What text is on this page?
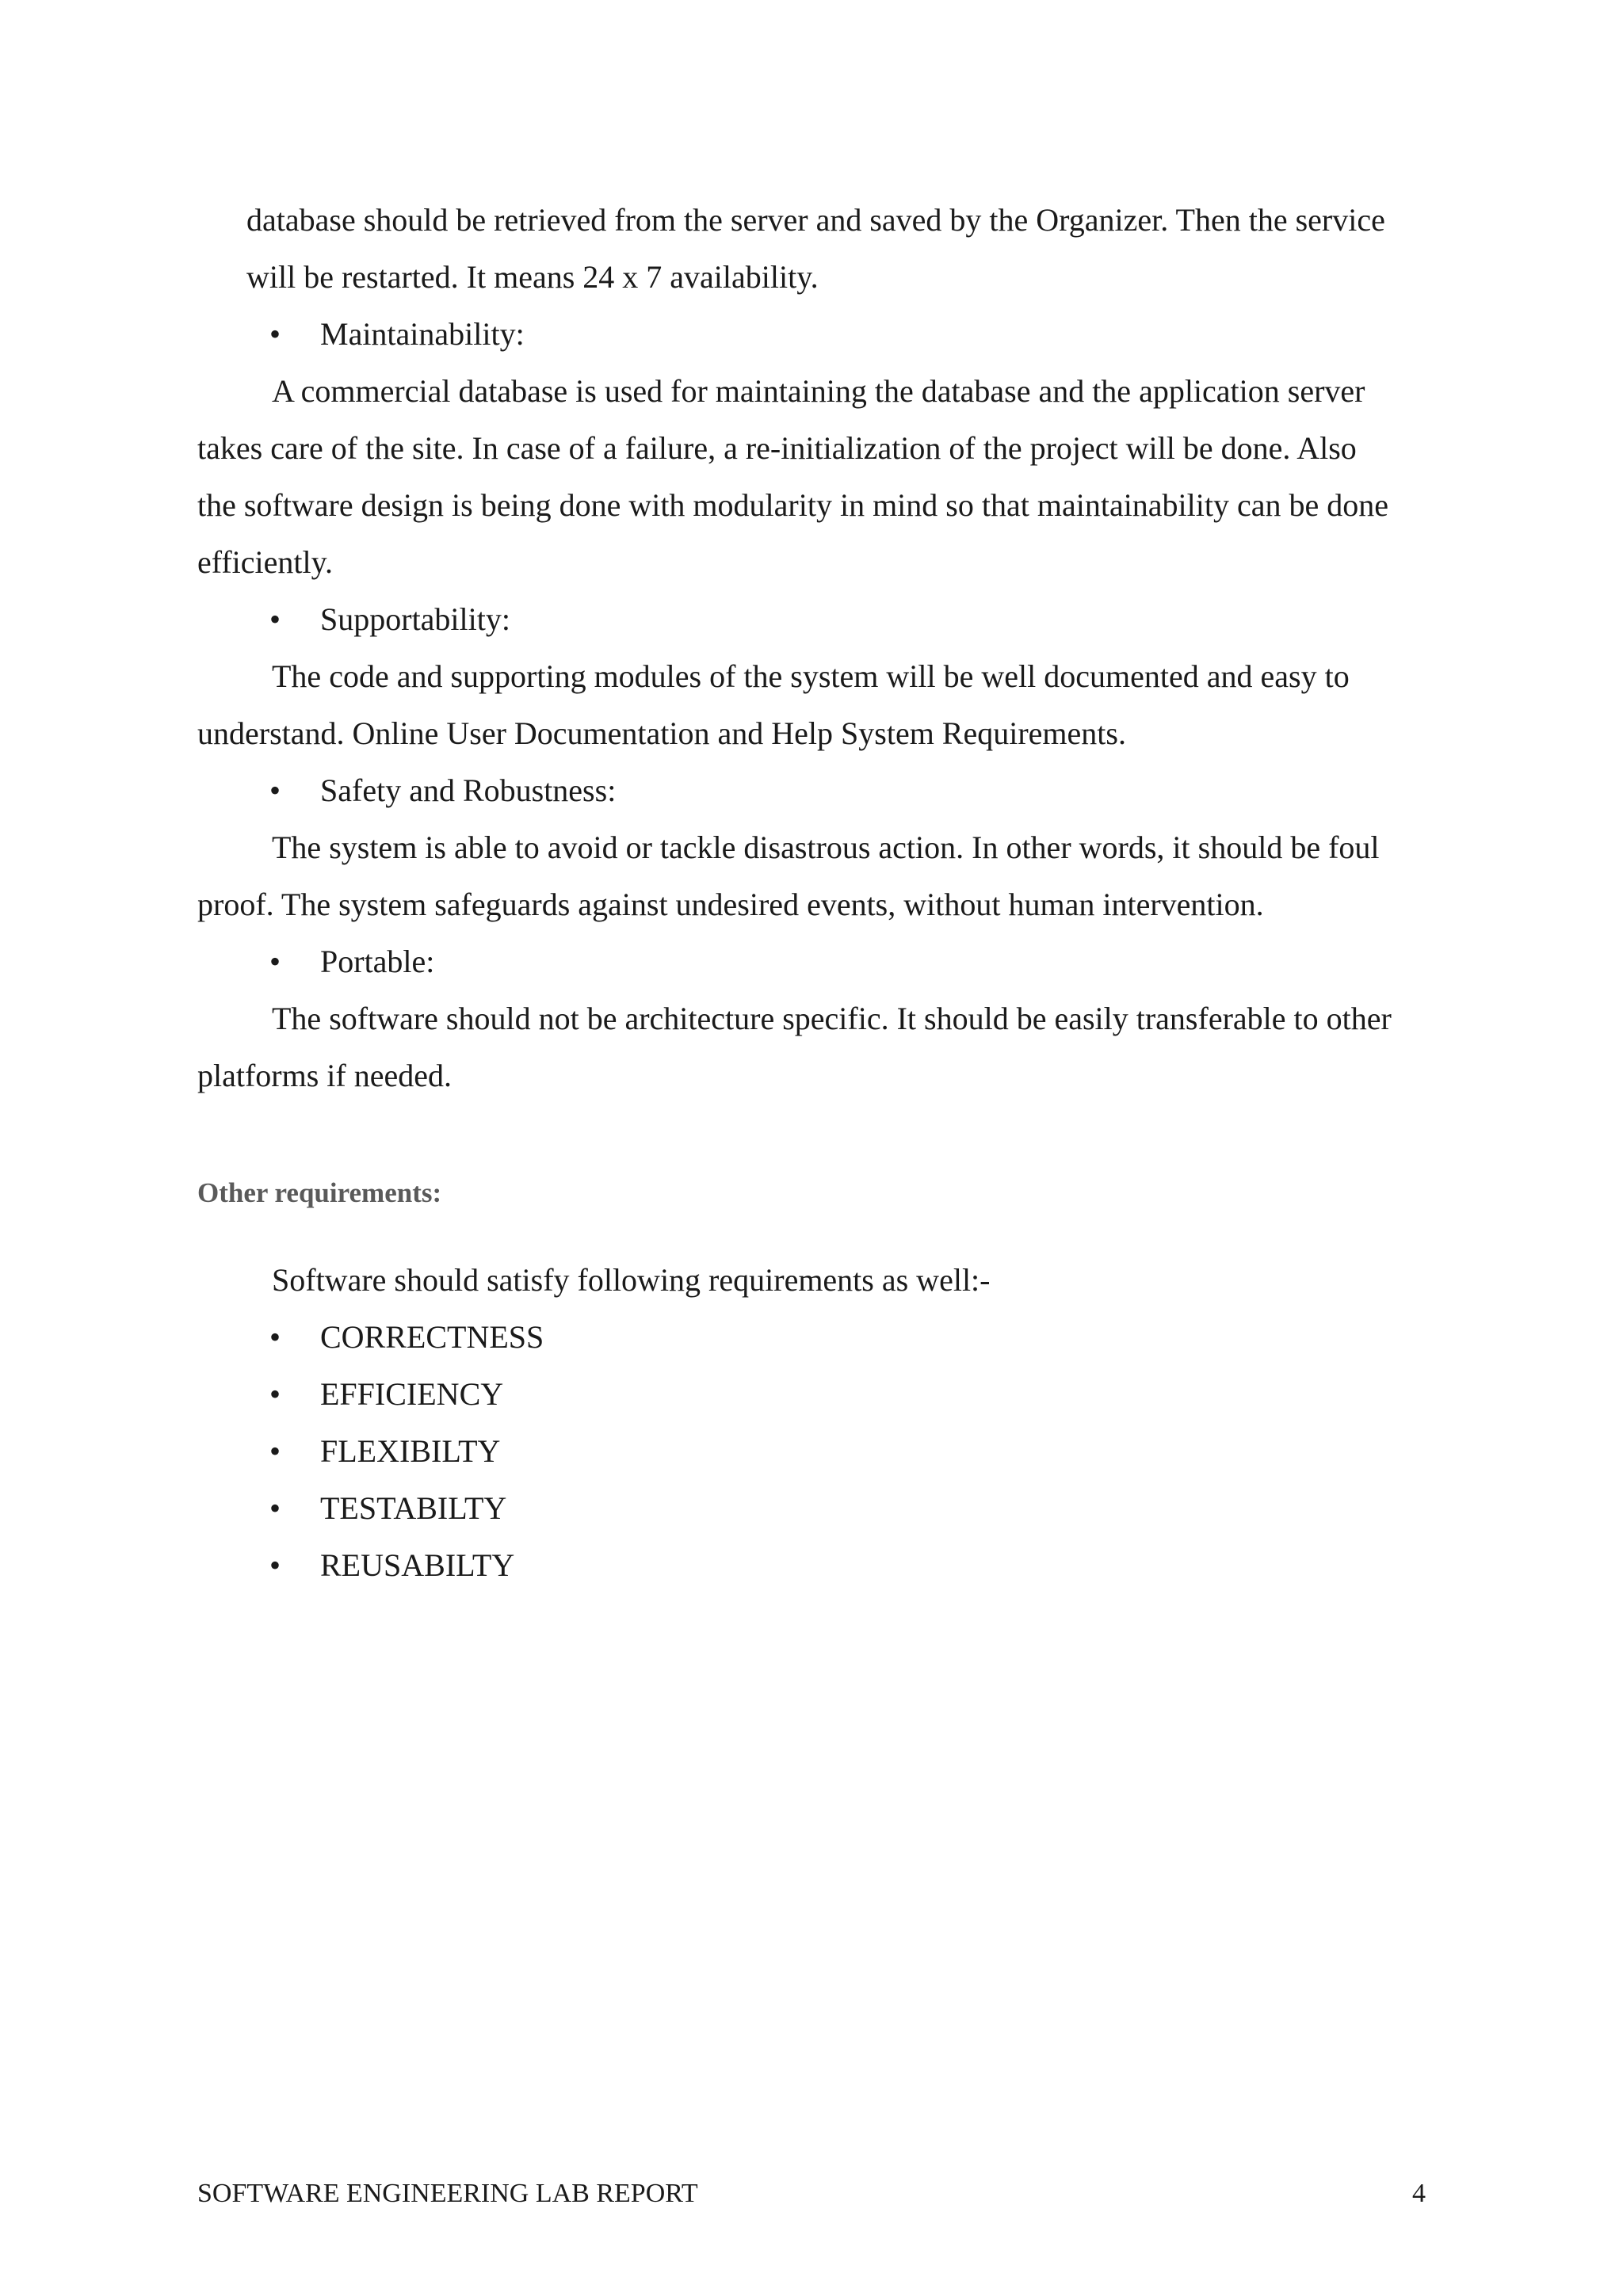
database should be retrieved from the server and saved by the Organizer. Then the service
will be restarted. It means 24 x 7 availability.
• Maintainability:
A commercial database is used for maintaining the database and the application server
takes care of the site. In case of a failure, a re-initialization of the project will be done. Also
the software design is being done with modularity in mind so that maintainability can be done
efficiently.
• Supportability:
The code and supporting modules of the system will be well documented and easy to
understand. Online User Documentation and Help System Requirements.
• Safety and Robustness:
The system is able to avoid or tackle disastrous action. In other words, it should be foul
proof. The system safeguards against undesired events, without human intervention.
• Portable:
The software should not be architecture specific. It should be easily transferable to other
platforms if needed.
Other requirements:
Software should satisfy following requirements as well:-
• CORRECTNESS
• EFFICIENCY
• FLEXIBILTY
• TESTABILTY
• REUSABILTY
SOFTWARE ENGINEERING LAB REPORT	4
